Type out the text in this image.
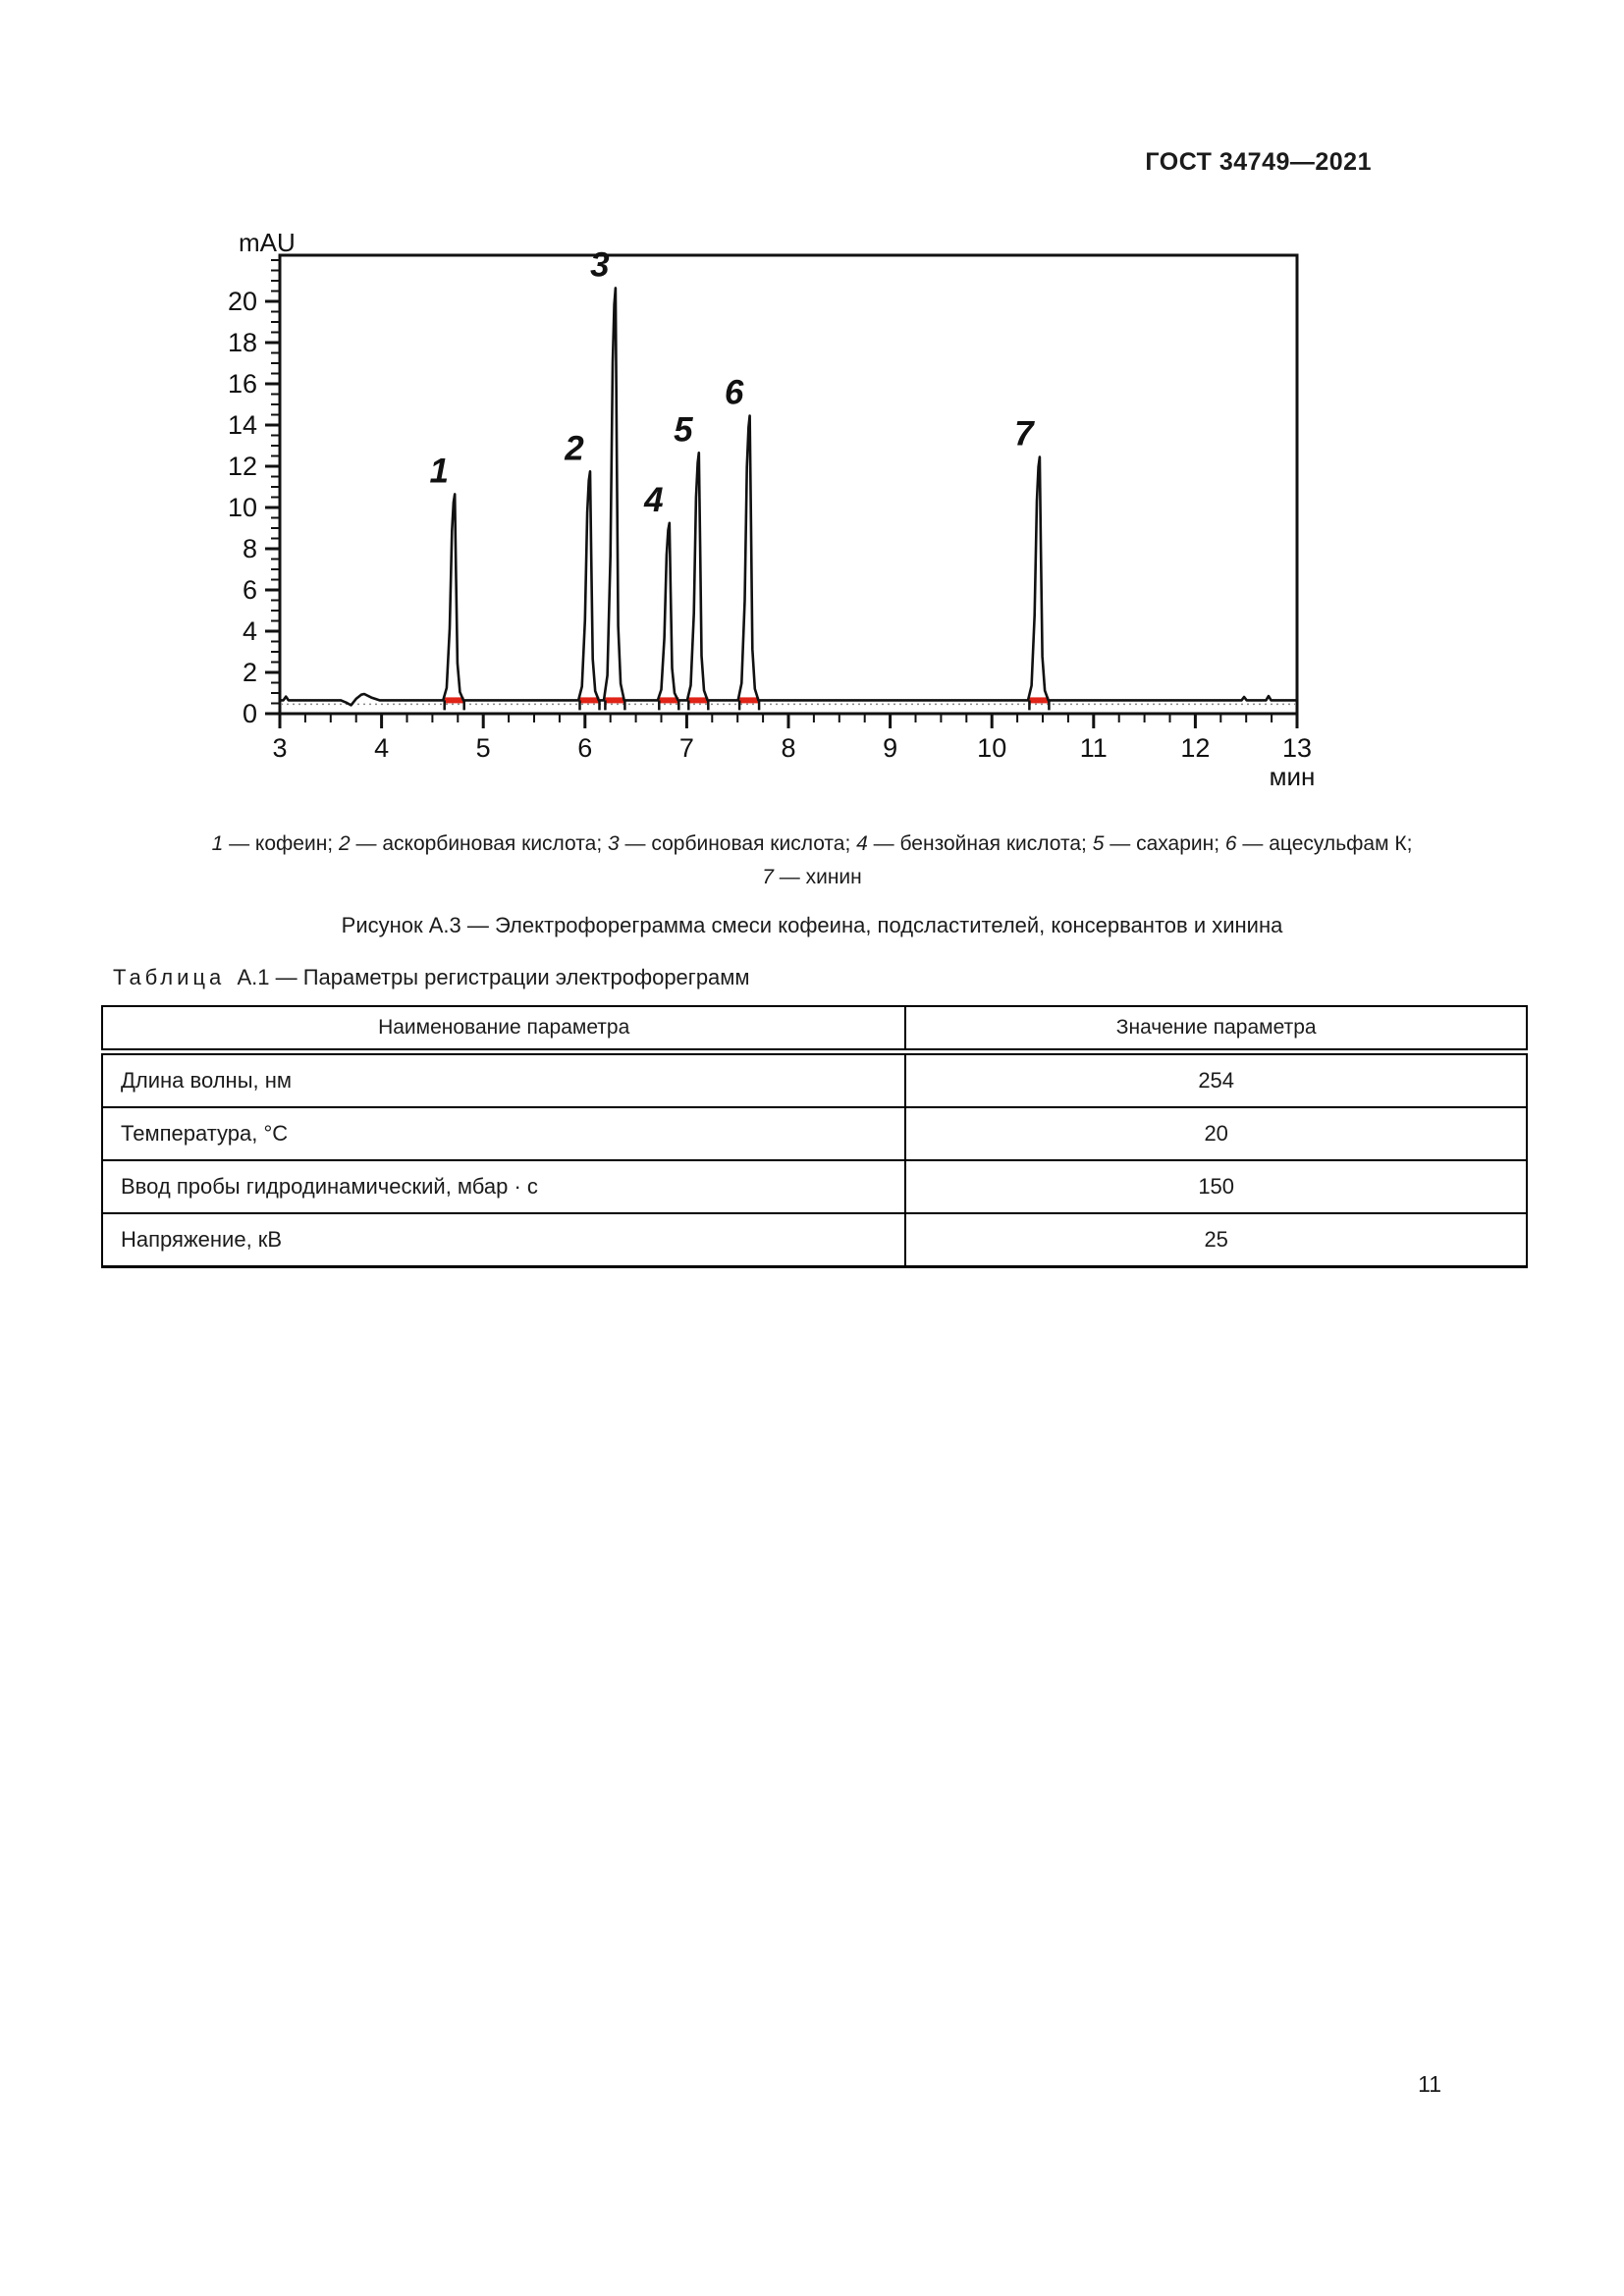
ГОСТ 34749—2021
mAU
0
2
4
6
8
10
12
14
16
18
20
3	4	5	6	7	8	9	10	11	12	13
мин
1
2
3
4
5
6
7
1 — кофеин; 2 — аскорбиновая кислота; 3 — сорбиновая кислота; 4 — бензойная кислота; 5 — сахарин; 6 — ацесульфам К;
7 — хинин
Рисунок А.3 — Электрофореграмма смеси кофеина, подсластителей, консервантов и хинина
Таблица А.1 — Параметры регистрации электрофореграмм
Наименование параметра	Значение параметра
Длина волны, нм	254
Температура, °С	20
Ввод пробы гидродинамический, мбар · с	150
Напряжение, кВ	25
11
